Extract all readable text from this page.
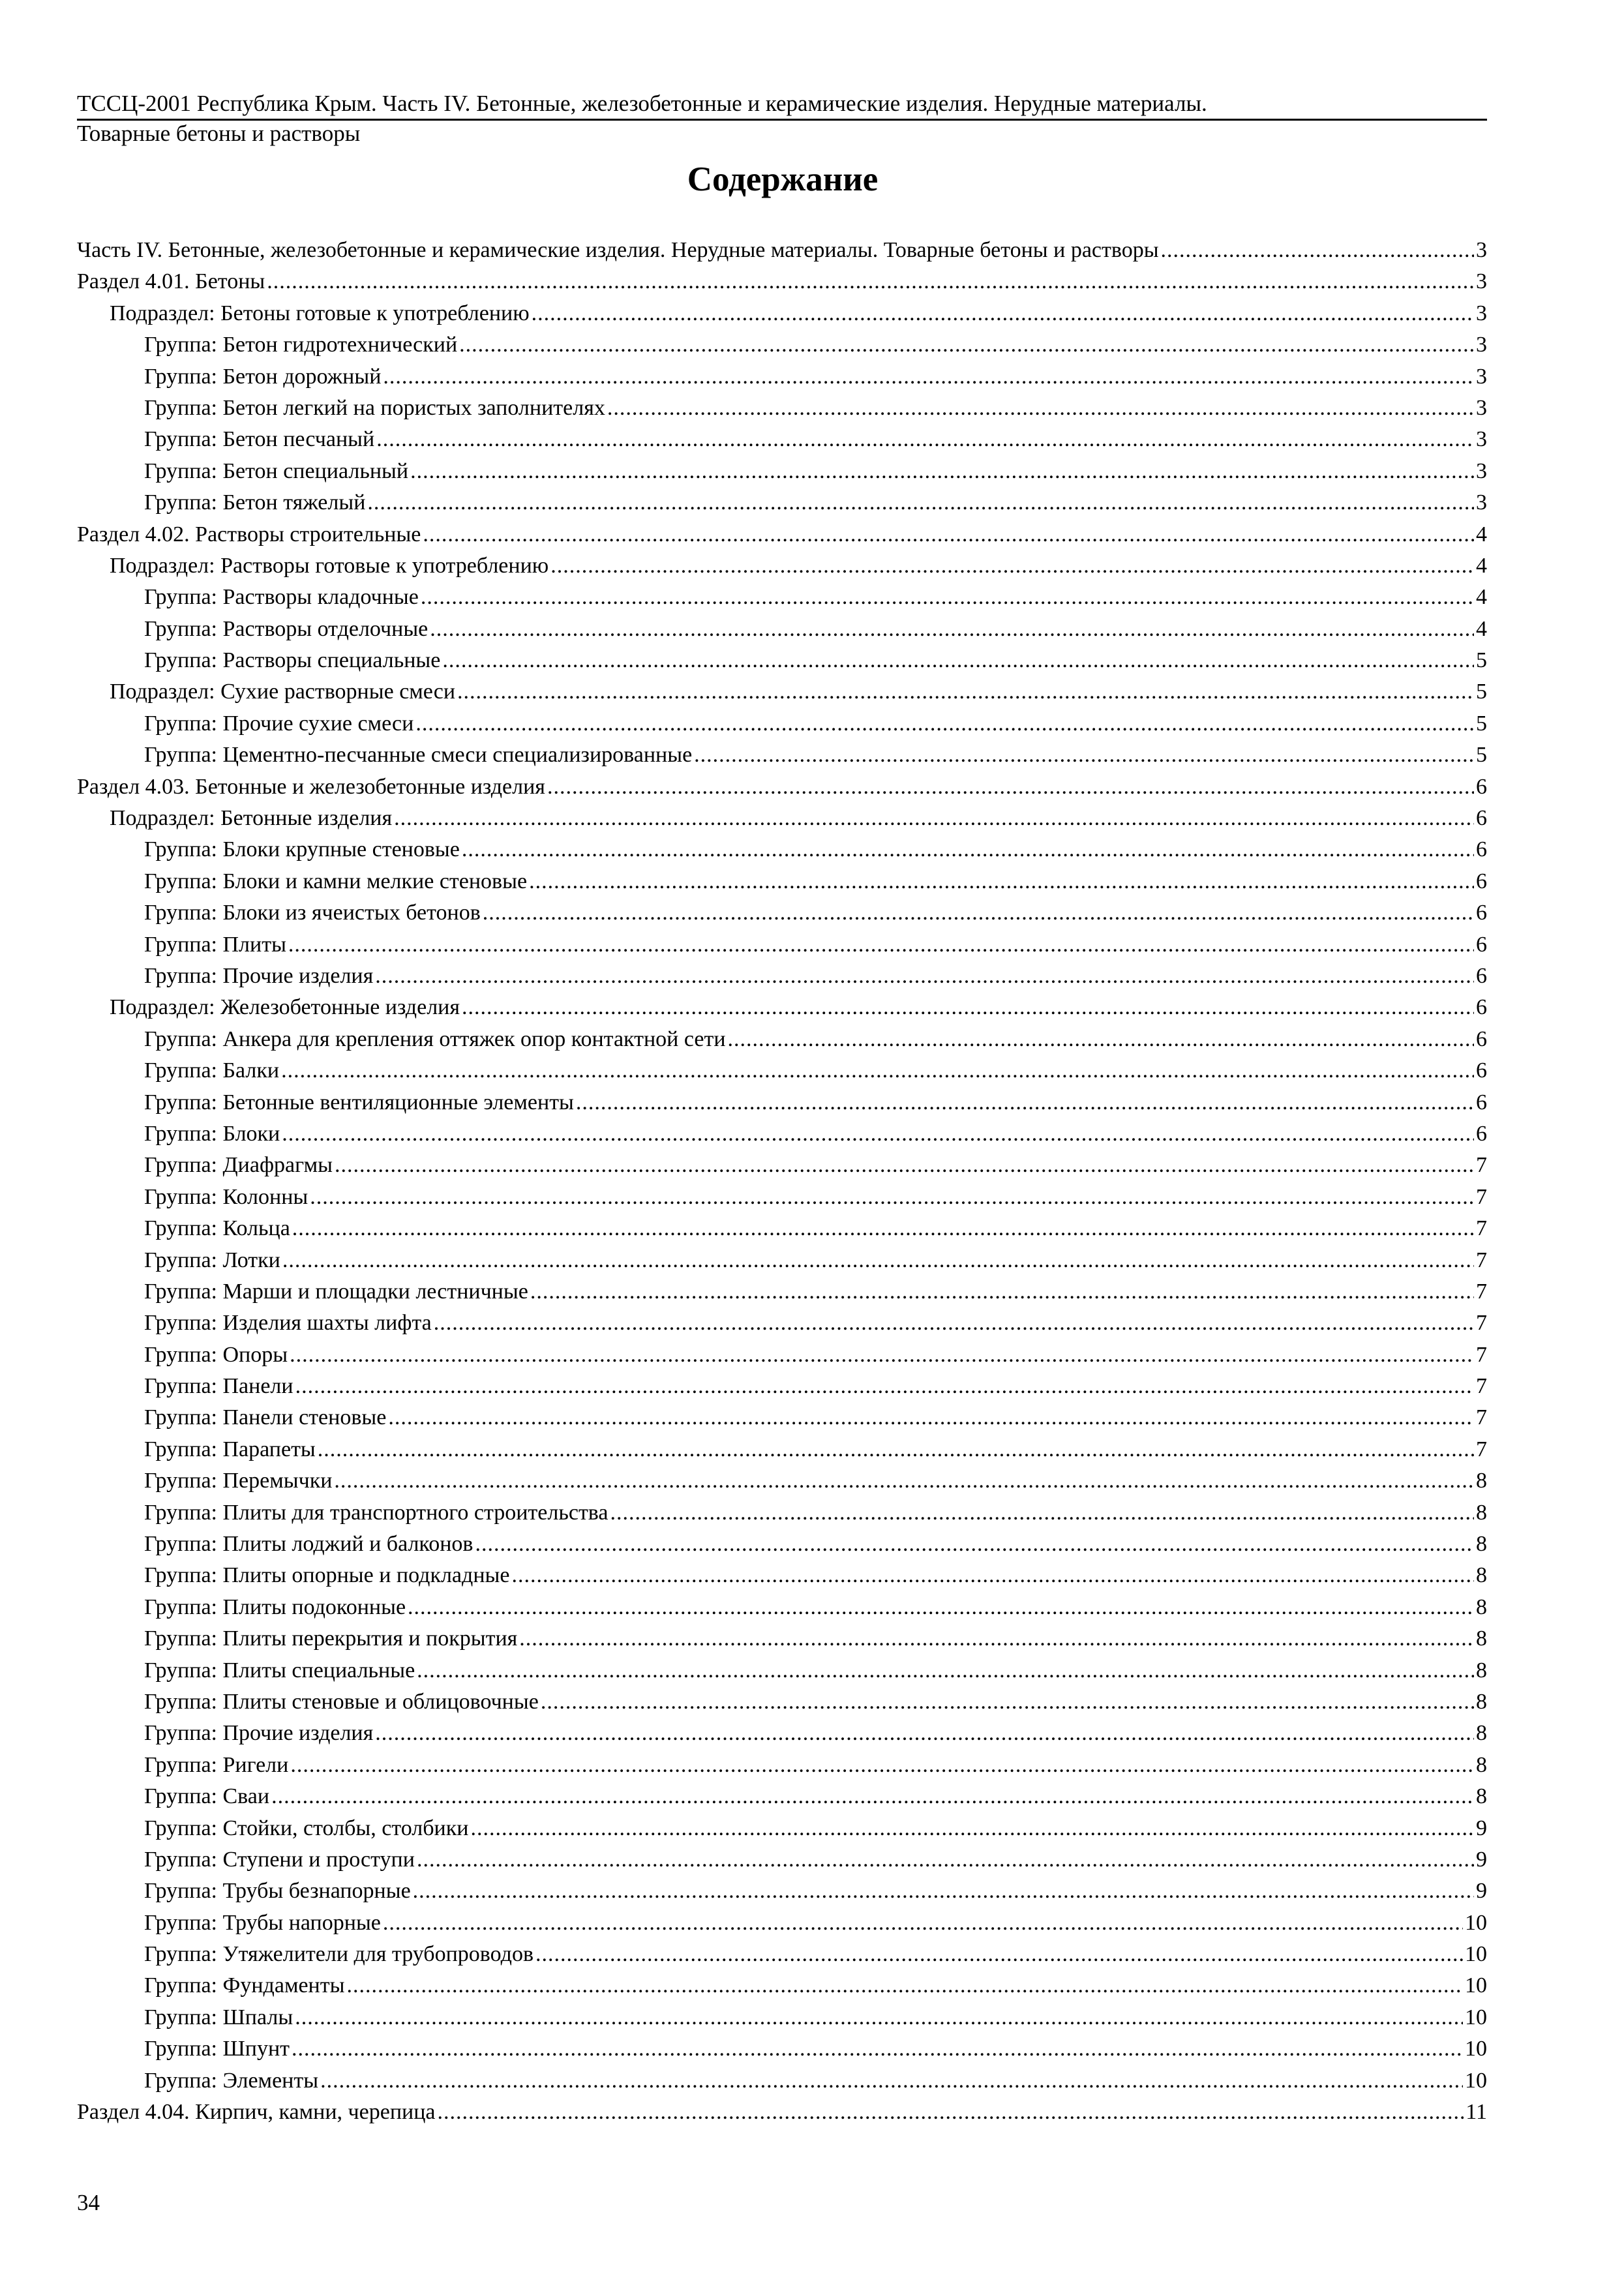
ТССЦ-2001 Республика Крым. Часть IV. Бетонные, железобетонные и керамические изделия. Нерудные материалы.
Товарные бетоны и растворы
Содержание
Часть IV. Бетонные, железобетонные и керамические изделия. Нерудные материалы. Товарные бетоны и растворы .....	3
Раздел 4.01. Бетоны .....	3
Подраздел: Бетоны готовые к употреблению .....	3
Группа: Бетон гидротехнический .....	3
Группа: Бетон дорожный .....	3
Группа: Бетон легкий на пористых заполнителях .....	3
Группа: Бетон песчаный .....	3
Группа: Бетон специальный .....	3
Группа: Бетон тяжелый .....	3
Раздел 4.02. Растворы строительные .....	4
Подраздел: Растворы готовые к употреблению .....	4
Группа: Растворы кладочные .....	4
Группа: Растворы отделочные .....	4
Группа: Растворы специальные .....	5
Подраздел: Сухие растворные смеси .....	5
Группа: Прочие сухие смеси .....	5
Группа: Цементно-песчанные смеси специализированные .....	5
Раздел 4.03. Бетонные и железобетонные изделия .....	6
Подраздел: Бетонные изделия .....	6
Группа: Блоки крупные стеновые .....	6
Группа: Блоки и камни мелкие стеновые .....	6
Группа: Блоки из ячеистых бетонов .....	6
Группа: Плиты .....	6
Группа: Прочие изделия .....	6
Подраздел: Железобетонные изделия .....	6
Группа: Анкера для крепления оттяжек опор контактной сети .....	6
Группа: Балки .....	6
Группа: Бетонные вентиляционные элементы .....	6
Группа: Блоки .....	6
Группа: Диафрагмы .....	7
Группа: Колонны .....	7
Группа: Кольца .....	7
Группа: Лотки .....	7
Группа: Марши и площадки лестничные .....	7
Группа: Изделия шахты лифта .....	7
Группа: Опоры .....	7
Группа: Панели .....	7
Группа: Панели стеновые .....	7
Группа: Парапеты .....	7
Группа: Перемычки .....	8
Группа: Плиты для транспортного строительства .....	8
Группа: Плиты лоджий и балконов .....	8
Группа: Плиты опорные и подкладные .....	8
Группа: Плиты подоконные .....	8
Группа: Плиты перекрытия и покрытия .....	8
Группа: Плиты специальные .....	8
Группа: Плиты стеновые и облицовочные .....	8
Группа: Прочие изделия .....	8
Группа: Ригели .....	8
Группа: Сваи .....	8
Группа: Стойки, столбы, столбики .....	9
Группа: Ступени и проступи .....	9
Группа: Трубы безнапорные .....	9
Группа: Трубы напорные .....	10
Группа: Утяжелители для трубопроводов .....	10
Группа: Фундаменты .....	10
Группа: Шпалы .....	10
Группа: Шпунт .....	10
Группа: Элементы .....	10
Раздел 4.04. Кирпич, камни, черепица .....	11
34
